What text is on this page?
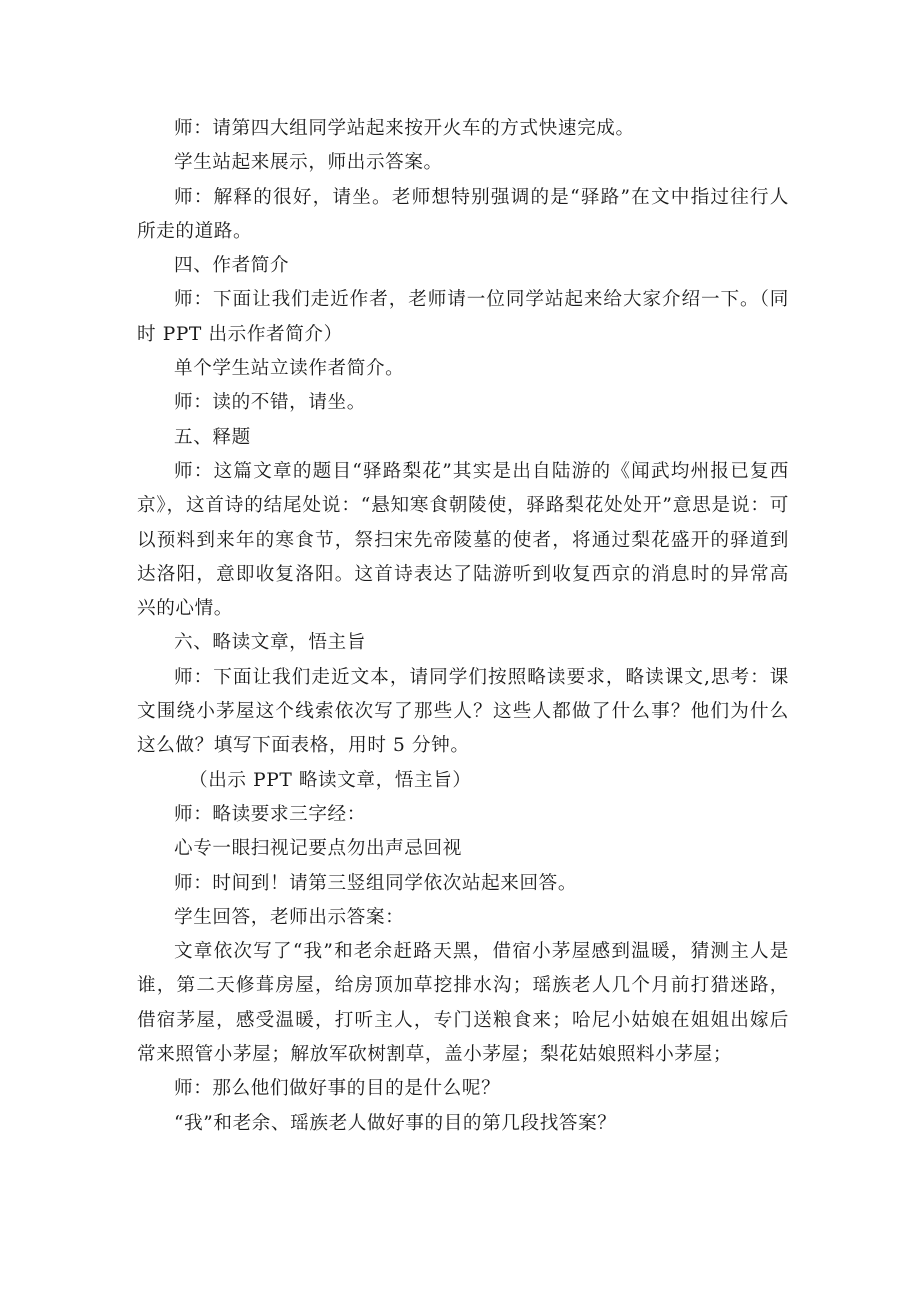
师：请第四大组同学站起来按开火车的方式快速完成。

学生站起来展示，师出示答案。

师：解释的很好，请坐。老师想特别强调的是“驿路”在文中指过往行人所走的道路。

四、作者简介

师：下面让我们走近作者，老师请一位同学站起来给大家介绍一下。（同时 PPT 出示作者简介）

单个学生站立读作者简介。

师：读的不错，请坐。

五、释题

师：这篇文章的题目“驿路梨花”其实是出自陆游的《闻武均州报已复西京》，这首诗的结尾处说：“悬知寒食朝陵使，驿路梨花处处开”意思是说：可以预料到来年的寒食节，祭扫宋先帝陵墓的使者，将通过梨花盛开的驿道到达洛阳，意即收复洛阳。这首诗表达了陆游听到收复西京的消息时的异常高兴的心情。

六、略读文章，悟主旨

师：下面让我们走近文本，请同学们按照略读要求，略读课文,思考：课文围绕小茅屋这个线索依次写了那些人？这些人都做了什么事？他们为什么这么做？填写下面表格，用时 5 分钟。

（出示 PPT 略读文章，悟主旨）

师：略读要求三字经：

心专一眼扫视记要点勿出声忌回视

师：时间到！请第三竖组同学依次站起来回答。

学生回答，老师出示答案：

文章依次写了“我”和老余赶路天黑，借宿小茅屋感到温暖，猜测主人是谁，第二天修葺房屋，给房顶加草挖排水沟；瑶族老人几个月前打猎迷路，借宿茅屋，感受温暖，打听主人，专门送粮食来；哈尼小姑娘在姐姐出嫁后常来照管小茅屋；解放军砍树割草，盖小茅屋；梨花姑娘照料小茅屋；

师：那么他们做好事的目的是什么呢？

“我”和老余、瑶族老人做好事的目的第几段找答案？
